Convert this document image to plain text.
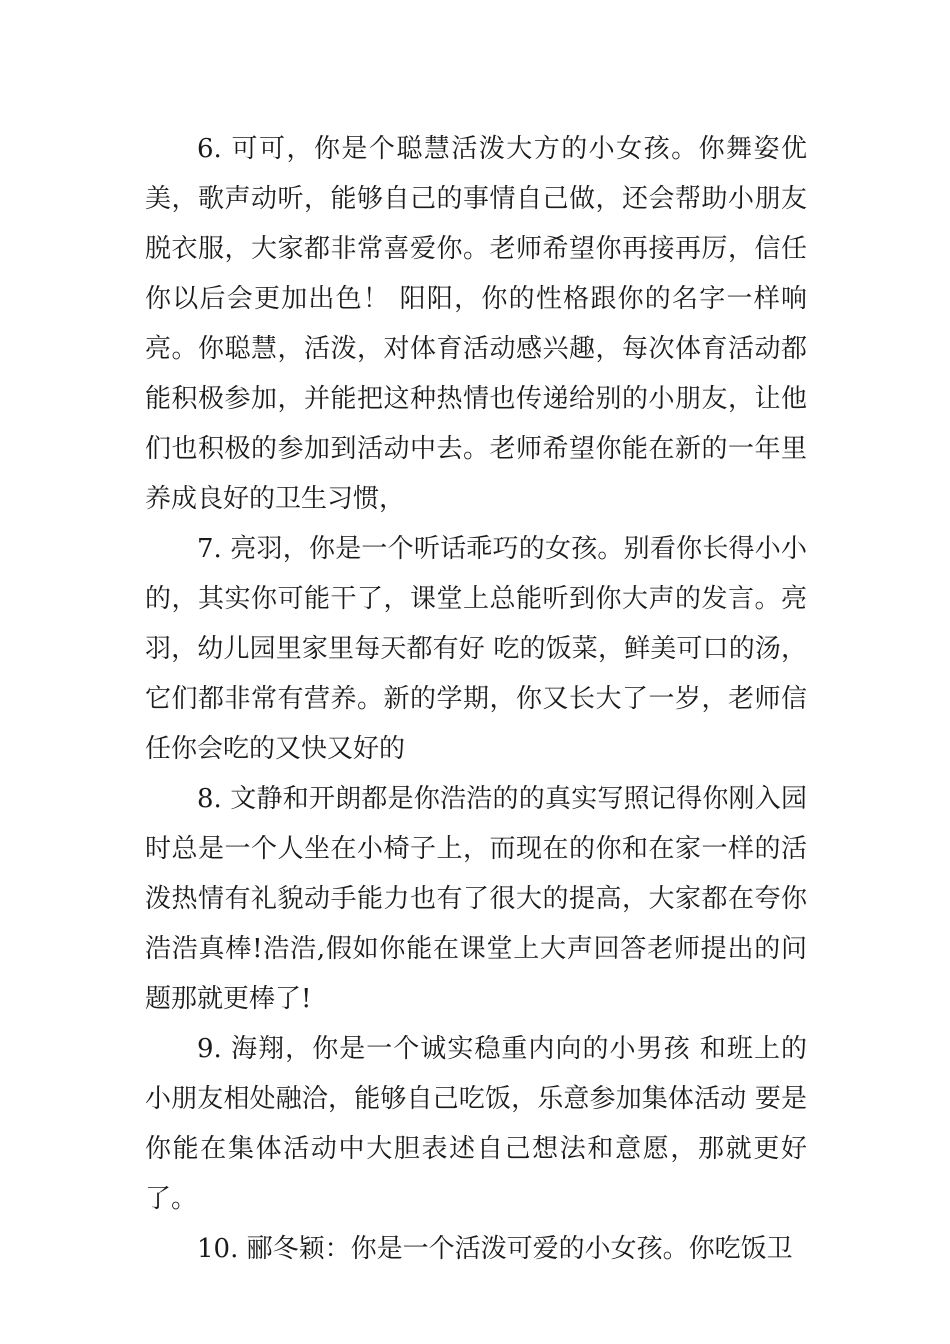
6. 可可，你是个聪慧活泼大方的小女孩。你舞姿优美，歌声动听，能够自己的事情自己做，还会帮助小朋友脱衣服，大家都非常喜爱你。老师希望你再接再厉，信任你以后会更加出色！ 阳阳，你的性格跟你的名字一样响亮。你聪慧，活泼，对体育活动感兴趣，每次体育活动都能积极参加，并能把这种热情也传递给别的小朋友，让他们也积极的参加到活动中去。老师希望你能在新的一年里养成良好的卫生习惯，

7. 亮羽，你是一个听话乖巧的女孩。别看你长得小小的，其实你可能干了，课堂上总能听到你大声的发言。亮羽，幼儿园里家里每天都有好 吃的饭菜，鲜美可口的汤，它们都非常有营养。新的学期，你又长大了一岁，老师信任你会吃的又快又好的

8. 文静和开朗都是你浩浩的的真实写照记得你刚入园时总是一个人坐在小椅子上，而现在的你和在家一样的活泼热情有礼貌动手能力也有了很大的提高，大家都在夸你浩浩真棒!浩浩,假如你能在课堂上大声回答老师提出的问题那就更棒了!

9. 海翔，你是一个诚实稳重内向的小男孩 和班上的小朋友相处融洽，能够自己吃饭，乐意参加集体活动 要是你能在集体活动中大胆表述自己想法和意愿，那就更好了。

10. 郦冬颖：你是一个活泼可爱的小女孩。你吃饭卫
